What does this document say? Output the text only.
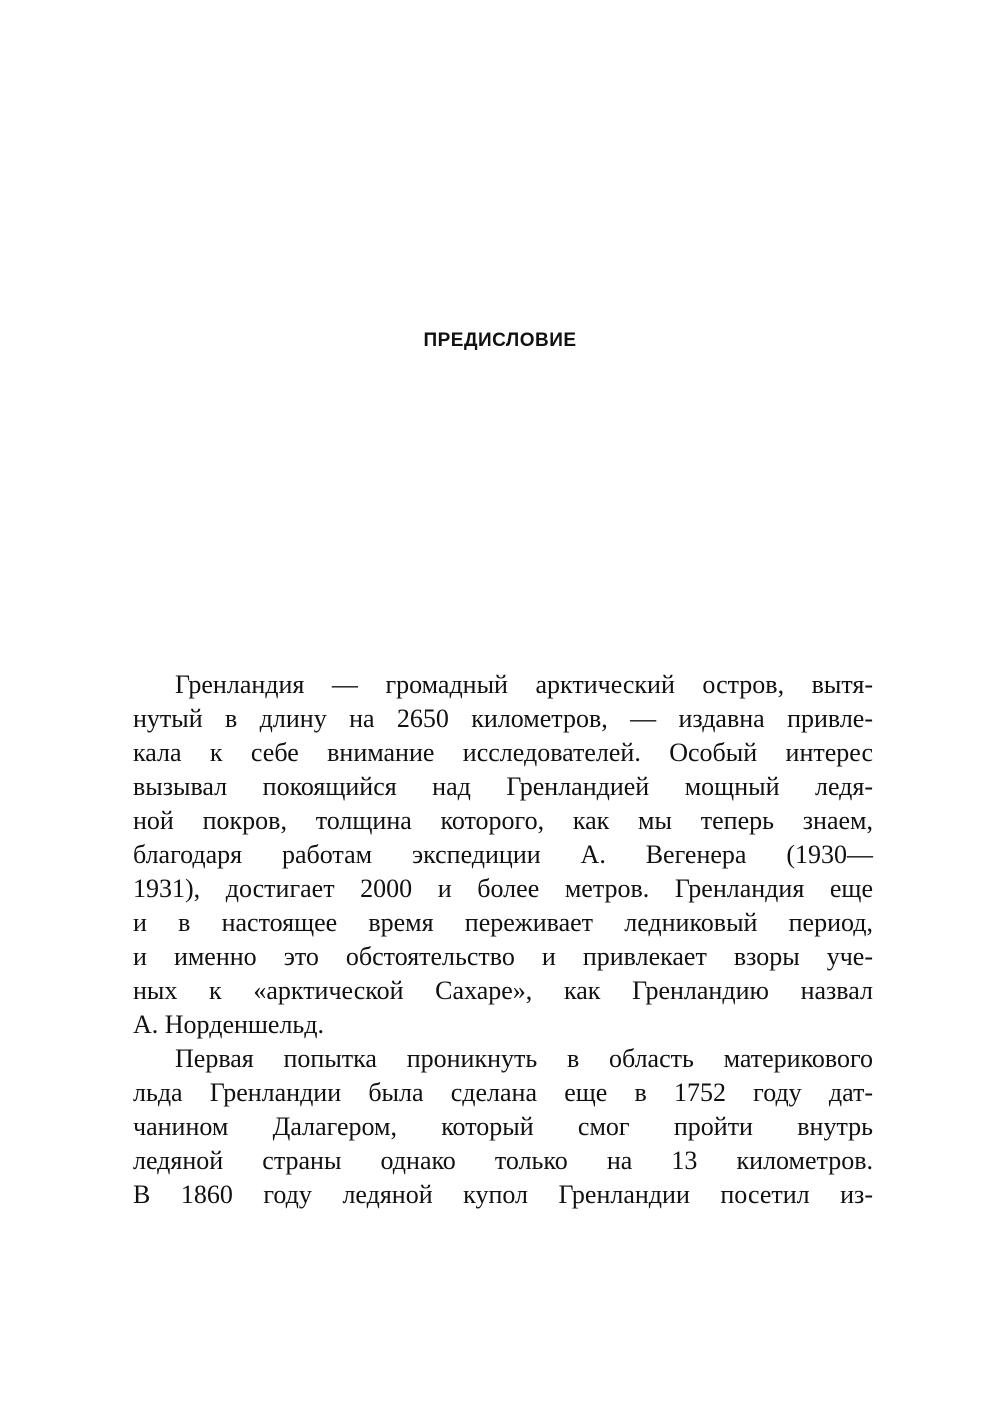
ПРЕДИСЛОВИЕ
Гренландия — громадный арктический остров, вытя-
нутый в длину на 2650 километров, — издавна привле-
кала к себе внимание исследователей. Особый интерес
вызывал покоящийся над Гренландией мощный ледя-
ной покров, толщина которого, как мы теперь знаем,
благодаря работам экспедиции А. Вегенера (1930—
1931), достигает 2000 и более метров. Гренландия еще
и в настоящее время переживает ледниковый период,
и именно это обстоятельство и привлекает взоры уче-
ных к «арктической Сахаре», как Гренландию назвал
А. Норденшельд.
Первая попытка проникнуть в область материкового
льда Гренландии была сделана еще в 1752 году дат-
чанином Далагером, который смог пройти внутрь
ледяной страны однако только на 13 километров.
В 1860 году ледяной купол Гренландии посетил из-
